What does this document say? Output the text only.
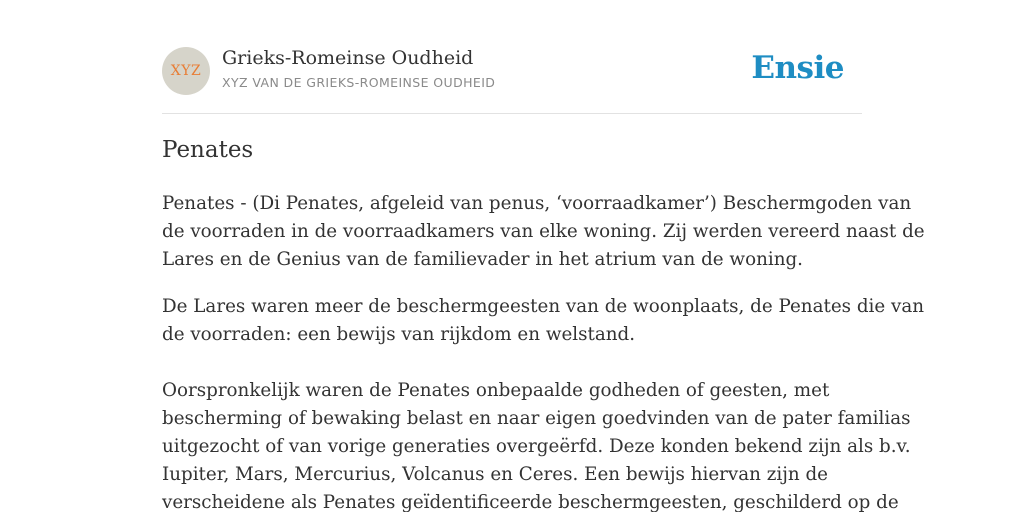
XYZ
Grieks-Romeinse Oudheid
XYZ VAN DE GRIEKS-ROMEINSE OUDHEID	Ensie
Penates

Penates - (Di Penates, afgeleid van penus, ‘voorraadkamer’) Beschermgoden van
de voorraden in de voorraadkamers van elke woning. Zij werden vereerd naast de
Lares en de Genius van de familievader in het atrium van de woning.

De Lares waren meer de beschermgeesten van de woonplaats, de Penates die van
de voorraden: een bewijs van rijkdom en welstand.

Oorspronkelijk waren de Penates onbepaalde godheden of geesten, met
bescherming of bewaking belast en naar eigen goedvinden van de pater familias
uitgezocht of van vorige generaties overgeërfd. Deze konden bekend zijn als b.v.
Iupiter, Mars, Mercurius, Volcanus en Ceres. Een bewijs hiervan zijn de
verscheidene als Penates geïdentificeerde beschermgeesten, geschilderd op de
